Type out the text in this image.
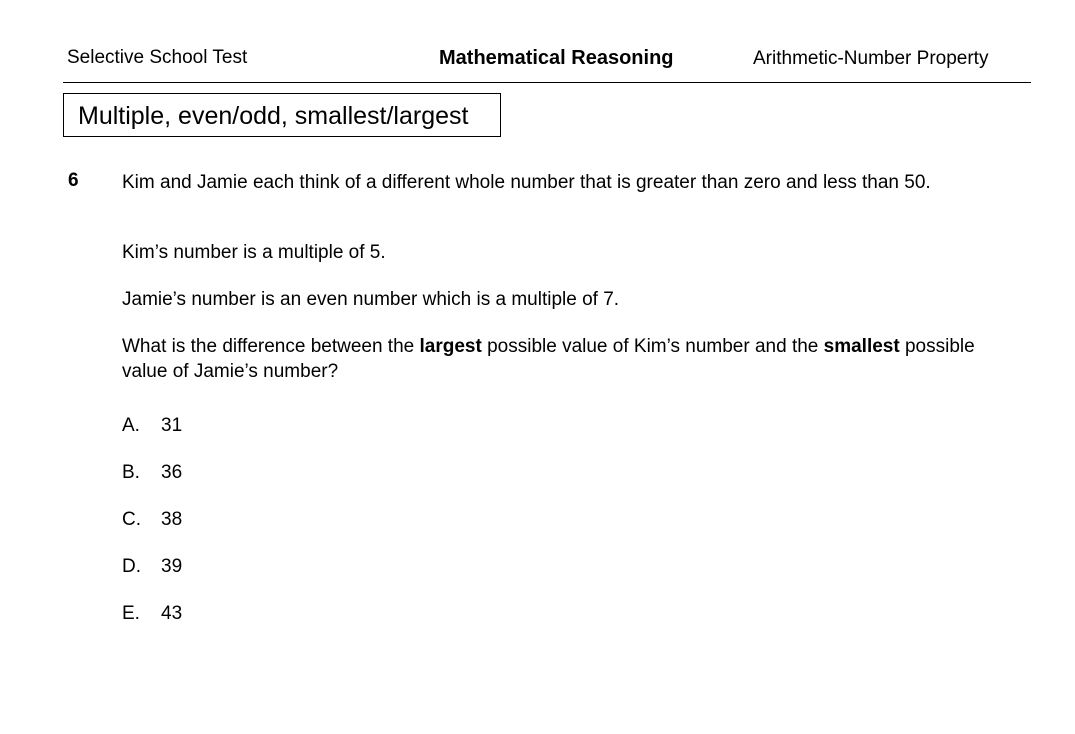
Selective School Test	Mathematical Reasoning	Arithmetic-Number Property
Multiple, even/odd, smallest/largest
6 Kim and Jamie each think of a different whole number that is greater than zero and less than 50.

Kim’s number is a multiple of 5.

Jamie’s number is an even number which is a multiple of 7.

What is the difference between the largest possible value of Kim’s number and the smallest possible value of Jamie’s number?

A. 31
B. 36
C. 38
D. 39
E. 43
